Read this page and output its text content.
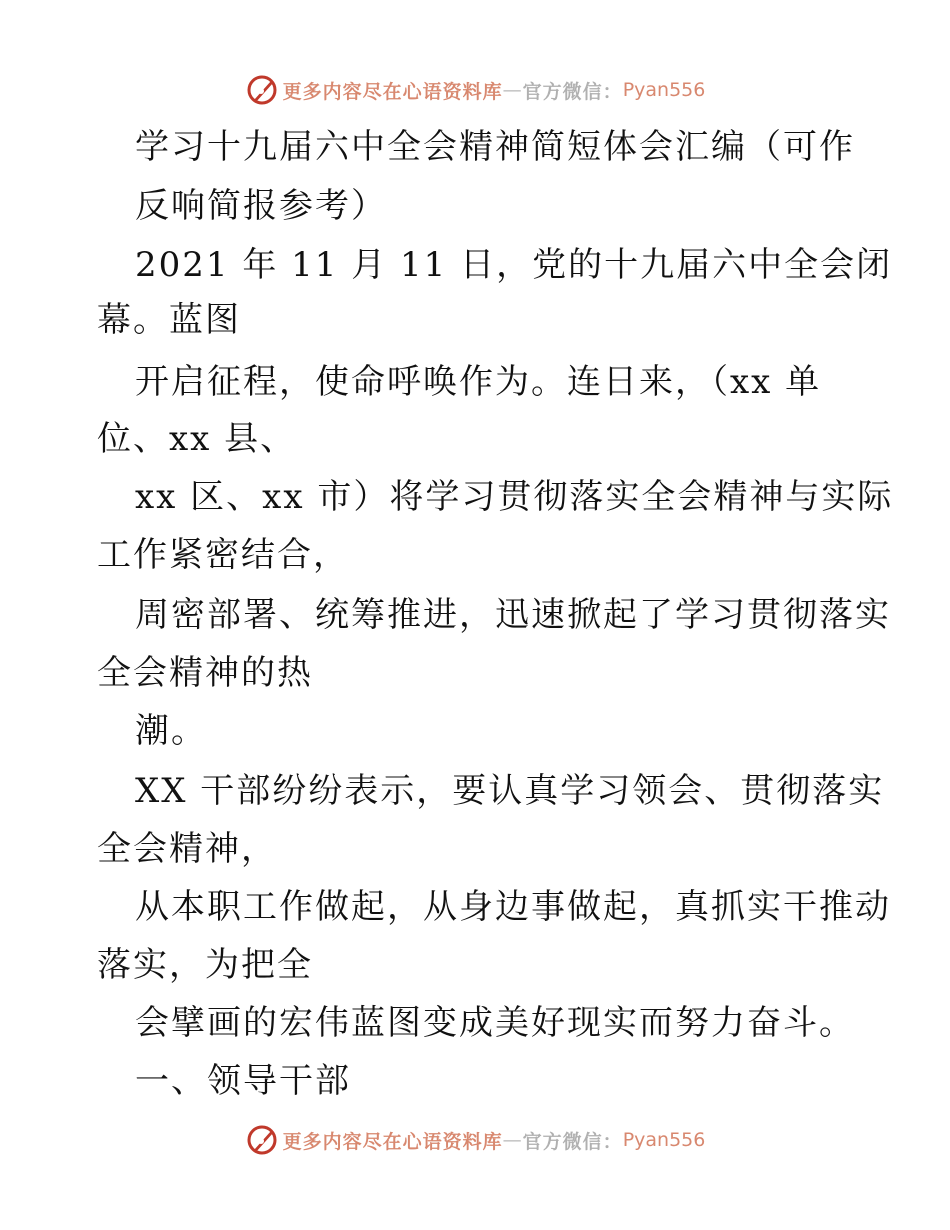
更多内容尽在心语资料库 — 官方微信： Pyan556
学习十九届六中全会精神简短体会汇编（可作
反响简报参考）
2021 年 11 月 11 日，党的十九届六中全会闭
幕。蓝图
开启征程，使命呼唤作为。连日来，（xx 单
位、xx 县、
xx 区、xx 市）将学习贯彻落实全会精神与实际
工作紧密结合，
周密部署、统筹推进，迅速掀起了学习贯彻落实
全会精神的热
潮。
XX 干部纷纷表示，要认真学习领会、贯彻落实
全会精神，
从本职工作做起，从身边事做起，真抓实干推动
落实，为把全
会擘画的宏伟蓝图变成美好现实而努力奋斗。
一、领导干部
更多内容尽在心语资料库 — 官方微信： Pyan556
